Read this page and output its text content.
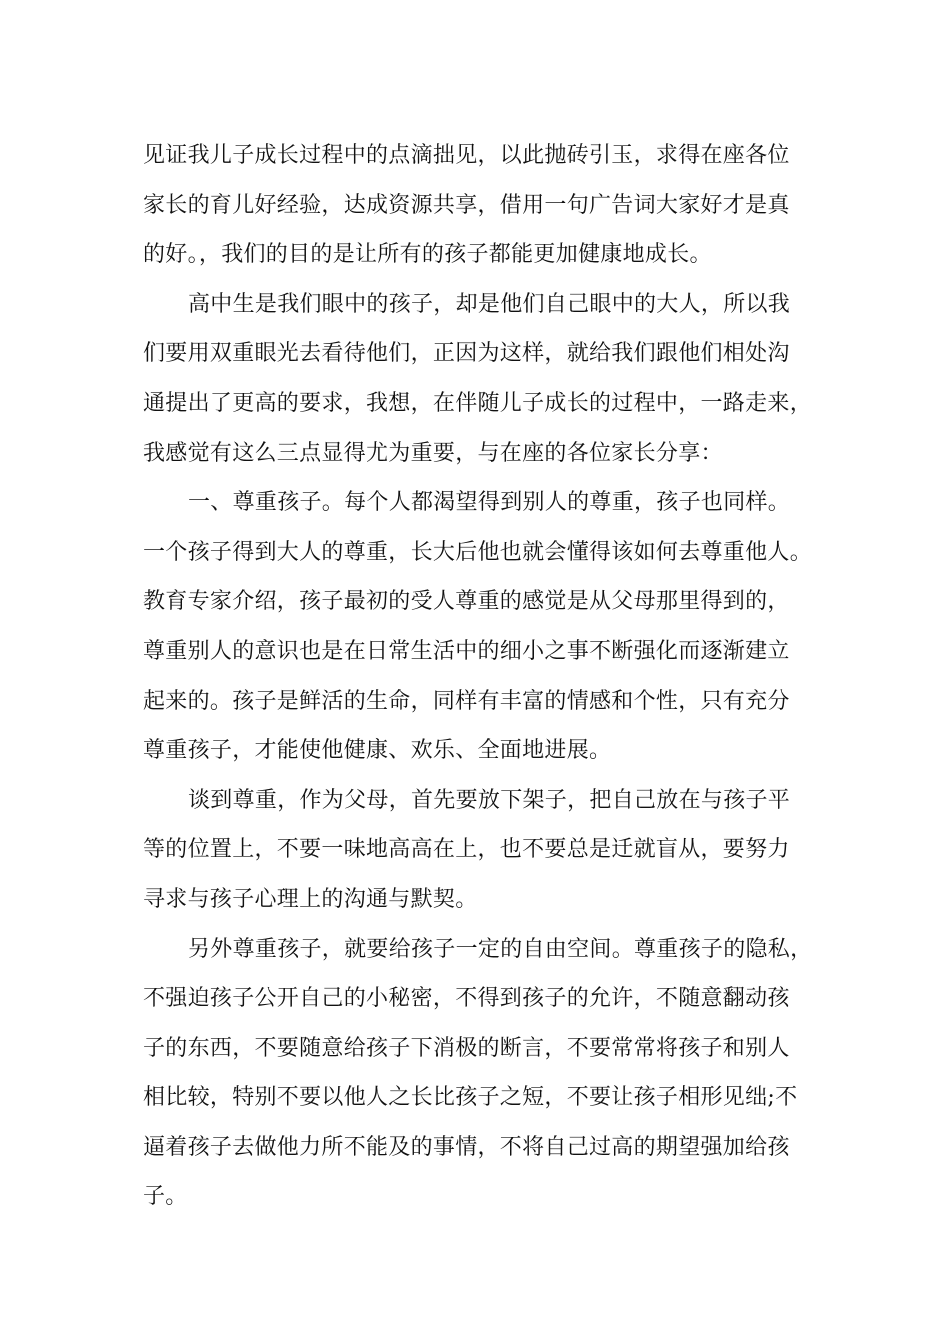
见证我儿子成长过程中的点滴拙见，以此抛砖引玉，求得在座各位
家长的育儿好经验，达成资源共享，借用一句广告词大家好才是真
的好。，我们的目的是让所有的孩子都能更加健康地成长。
高中生是我们眼中的孩子，却是他们自己眼中的大人，所以我
们要用双重眼光去看待他们，正因为这样，就给我们跟他们相处沟
通提出了更高的要求，我想，在伴随儿子成长的过程中，一路走来，
我感觉有这么三点显得尤为重要，与在座的各位家长分享：
一、尊重孩子。每个人都渴望得到别人的尊重，孩子也同样。
一个孩子得到大人的尊重，长大后他也就会懂得该如何去尊重他人。
教育专家介绍，孩子最初的受人尊重的感觉是从父母那里得到的，
尊重别人的意识也是在日常生活中的细小之事不断强化而逐渐建立
起来的。孩子是鲜活的生命，同样有丰富的情感和个性，只有充分
尊重孩子，才能使他健康、欢乐、全面地进展。
谈到尊重，作为父母，首先要放下架子，把自己放在与孩子平
等的位置上，不要一味地高高在上，也不要总是迁就盲从，要努力
寻求与孩子心理上的沟通与默契。
另外尊重孩子，就要给孩子一定的自由空间。尊重孩子的隐私，
不强迫孩子公开自己的小秘密，不得到孩子的允许，不随意翻动孩
子的东西，不要随意给孩子下消极的断言，不要常常将孩子和别人
相比较，特别不要以他人之长比孩子之短，不要让孩子相形见绌;不
逼着孩子去做他力所不能及的事情，不将自己过高的期望强加给孩
子。
